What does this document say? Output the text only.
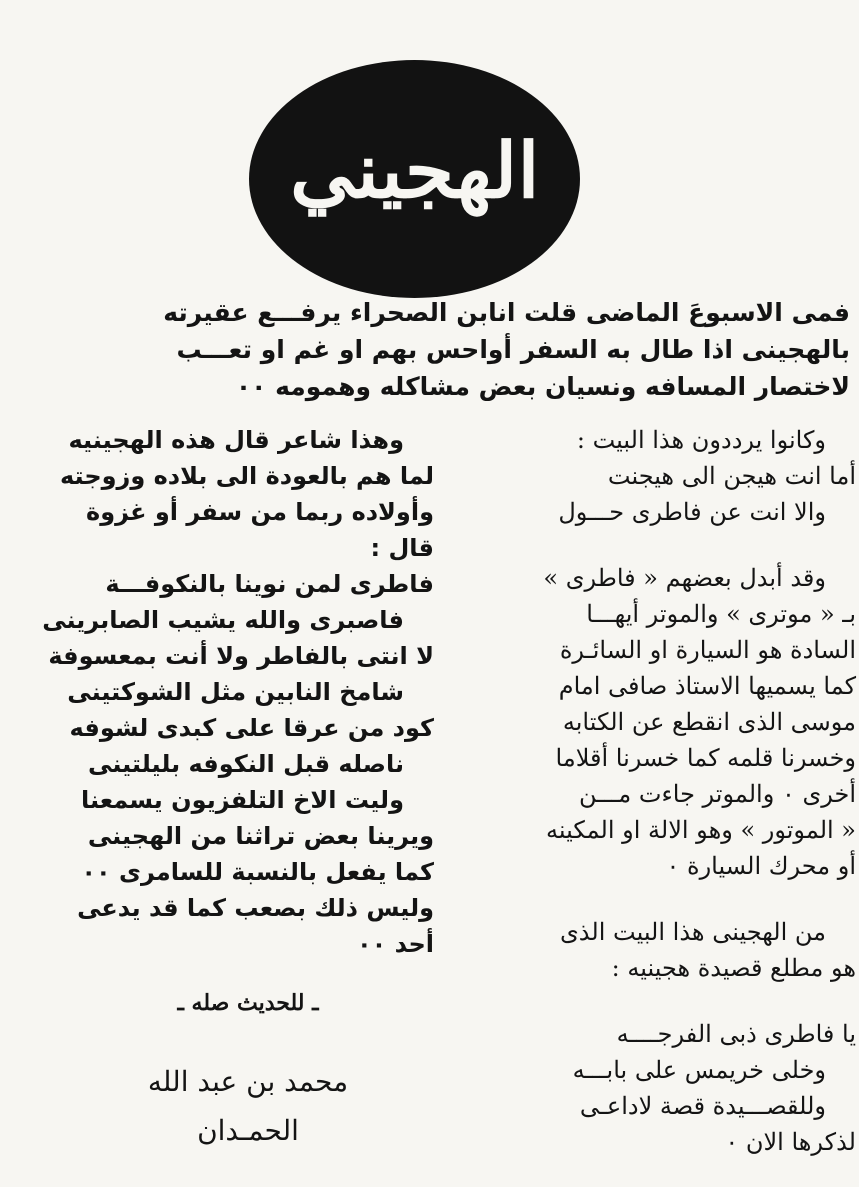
الهجيني
فمى الاسبوعَ الماضى قلت انابن الصحراء يرفـــع عقيرته
بالهجينى اذا طال به السفر أواحس بهم او غم او تعـــب
لاختصار المسافه ونسيان بعض مشاكله وهمومه ٠٠
وكانوا يرددون هذا البيت :
أما انت هيجن الى هيجنت
والا انت عن فاطرى حـــول
وقد أبدل بعضهم « فاطرى »
بـ « موترى » والموتر أيهـــا
السادة هو السيارة او السائـرة
كما يسميها الاستاذ صافى امام
موسى الذى انقطع عن الكتابه
وخسرنا قلمه كما خسرنا أقلاما
أخرى ٠ والموتر جاءت مـــن
« الموتور » وهو الالة او المكينه
أو محرك السيارة ٠
من الهجينى هذا البيت الذى
هو مطلع قصيدة هجينيه :
يا فاطرى ذبى الفرجــــه
وخلى خريمس على بابـــه
وللقصـــيدة قصة لاداعـى
لذكرها الان ٠
وهذا شاعر قال هذه الهجينيه
لما هم بالعودة الى بلاده وزوجته
وأولاده ربما من سفر أو غزوة
قال :
فاطرى لمن نوينا بالنكوفـــة
فاصبرى والله يشيب الصابرينى
لا انتى بالفاطر ولا أنت بمعسوفة
شامخ النابين مثل الشوكتينى
كود من عرقا على كبدى لشوفه
ناصله قبل النكوفه بليلتينى
وليت الاخ التلفزيون يسمعنا
ويرينا بعض تراثنا من الهجينى
كما يفعل بالنسبة للسامرى ٠٠
وليس ذلك بصعب كما قد يدعى
أحد ٠٠
ـ للحديث صله ـ
محمد بن عبد الله
الحمـدان
